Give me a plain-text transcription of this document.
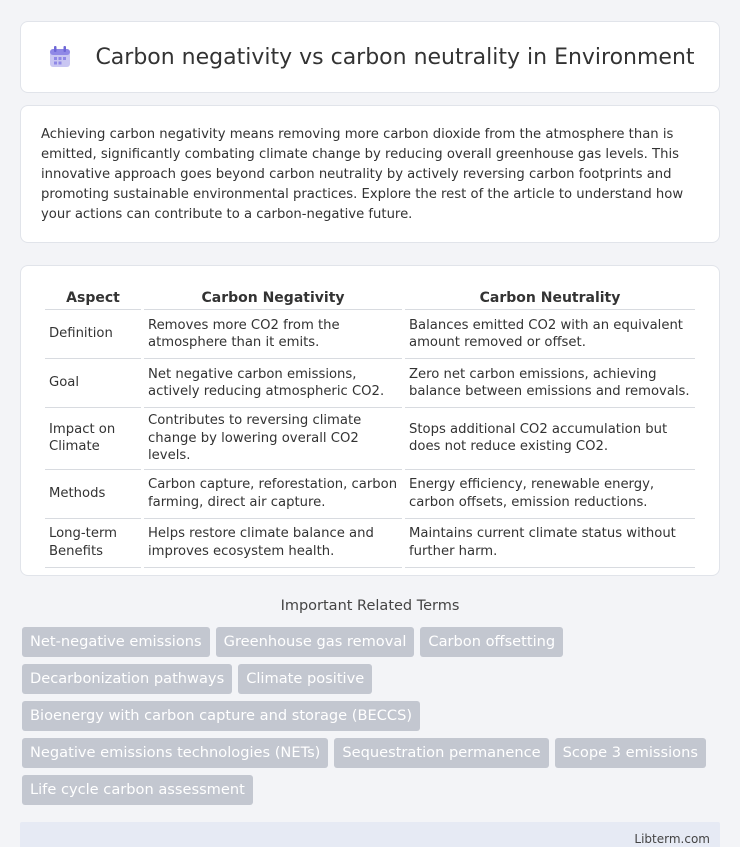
Carbon negativity vs carbon neutrality in Environment

Achieving carbon negativity means removing more carbon dioxide from the atmosphere than is emitted, significantly combating climate change by reducing overall greenhouse gas levels. This innovative approach goes beyond carbon neutrality by actively reversing carbon footprints and promoting sustainable environmental practices. Explore the rest of the article to understand how your actions can contribute to a carbon-negative future.

Aspect	Carbon Negativity	Carbon Neutrality
Definition	Removes more CO2 from the atmosphere than it emits.	Balances emitted CO2 with an equivalent amount removed or offset.
Goal	Net negative carbon emissions, actively reducing atmospheric CO2.	Zero net carbon emissions, achieving balance between emissions and removals.
Impact on Climate	Contributes to reversing climate change by lowering overall CO2 levels.	Stops additional CO2 accumulation but does not reduce existing CO2.
Methods	Carbon capture, reforestation, carbon farming, direct air capture.	Energy efficiency, renewable energy, carbon offsets, emission reductions.
Long-term Benefits	Helps restore climate balance and improves ecosystem health.	Maintains current climate status without further harm.
Important Related Terms
Net-negative emissions	Greenhouse gas removal	Carbon offsetting
Decarbonization pathways	Climate positive
Bioenergy with carbon capture and storage (BECCS)
Negative emissions technologies (NETs)	Sequestration permanence	Scope 3 emissions
Life cycle carbon assessment
Libterm.com
